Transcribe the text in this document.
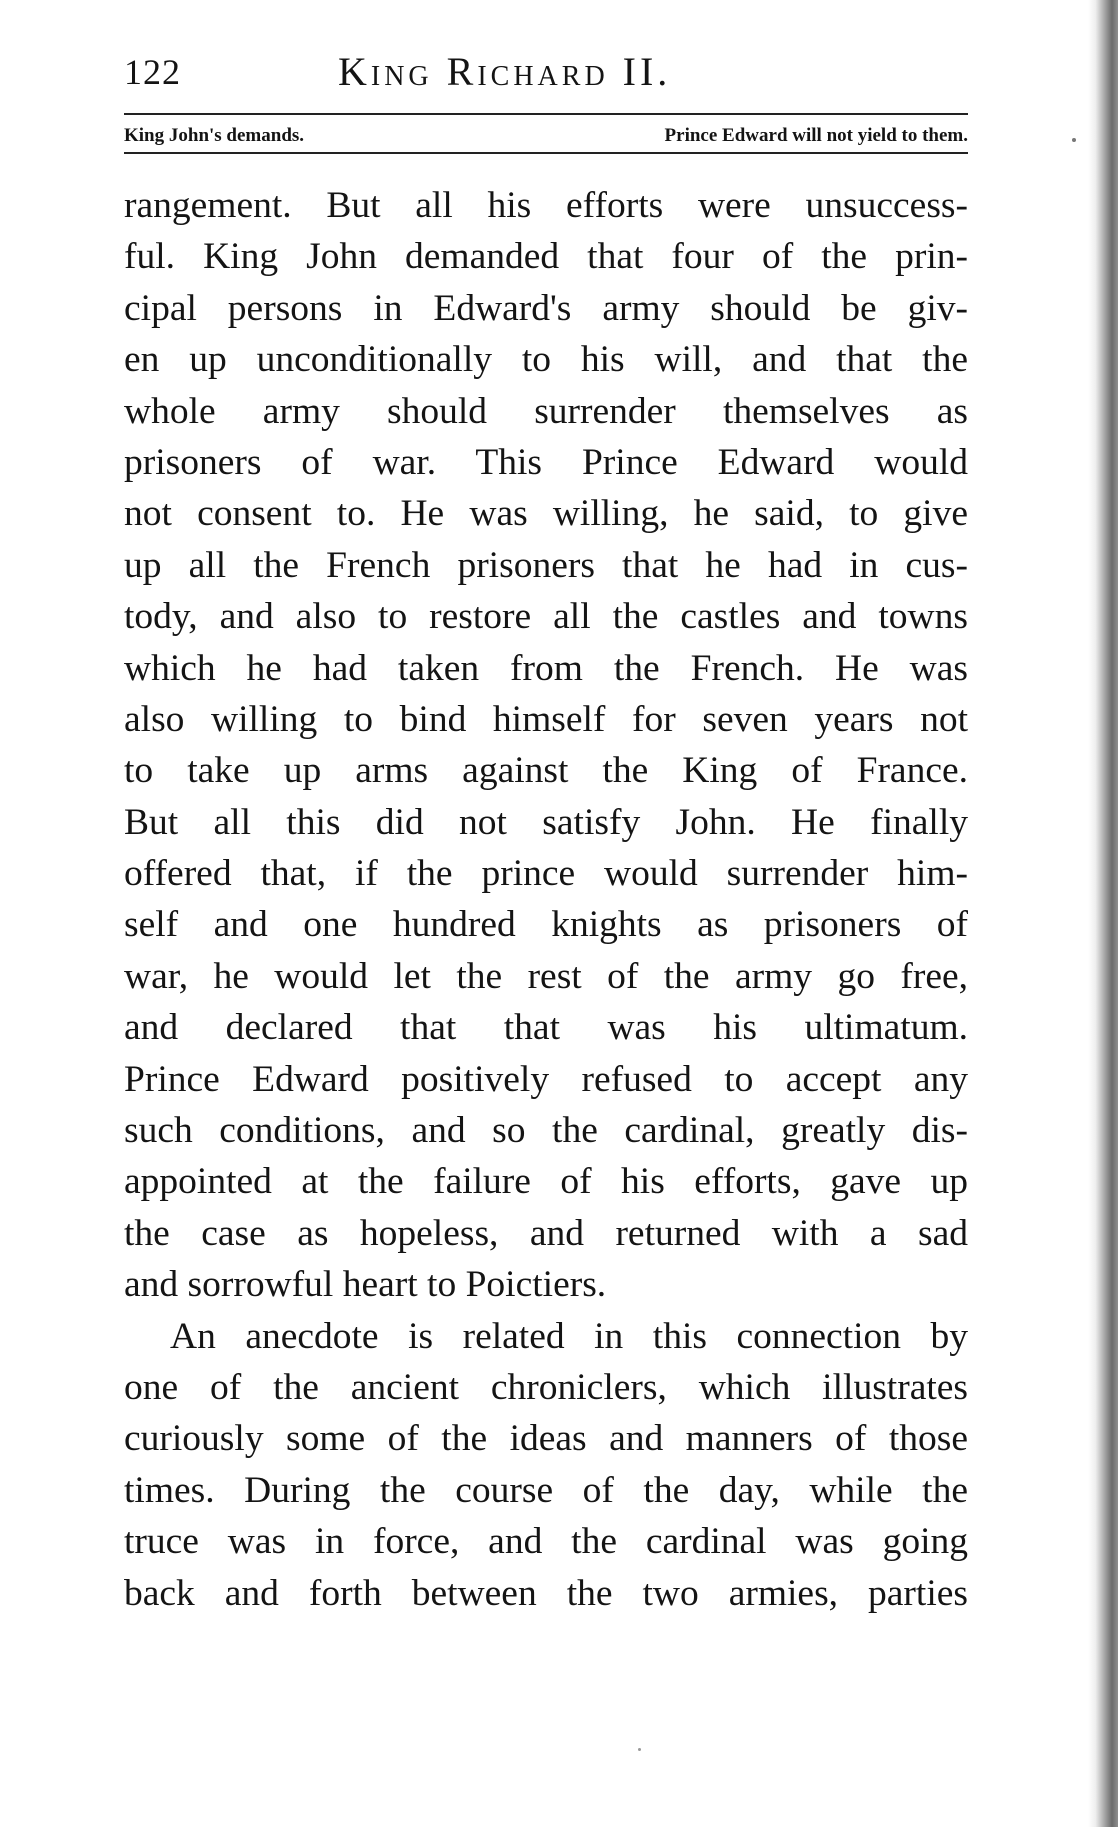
122	King Richard II.
King John's demands.	Prince Edward will not yield to them.
rangement. But all his efforts were unsuccess-
ful. King John demanded that four of the prin-
cipal persons in Edward's army should be giv-
en up unconditionally to his will, and that the
whole army should surrender themselves as
prisoners of war. This Prince Edward would
not consent to. He was willing, he said, to give
up all the French prisoners that he had in cus-
tody, and also to restore all the castles and towns
which he had taken from the French. He was
also willing to bind himself for seven years not
to take up arms against the King of France.
But all this did not satisfy John. He finally
offered that, if the prince would surrender him-
self and one hundred knights as prisoners of
war, he would let the rest of the army go free,
and declared that that was his ultimatum.
Prince Edward positively refused to accept any
such conditions, and so the cardinal, greatly dis-
appointed at the failure of his efforts, gave up
the case as hopeless, and returned with a sad
and sorrowful heart to Poictiers.
An anecdote is related in this connection by
one of the ancient chroniclers, which illustrates
curiously some of the ideas and manners of those
times. During the course of the day, while the
truce was in force, and the cardinal was going
back and forth between the two armies, parties
